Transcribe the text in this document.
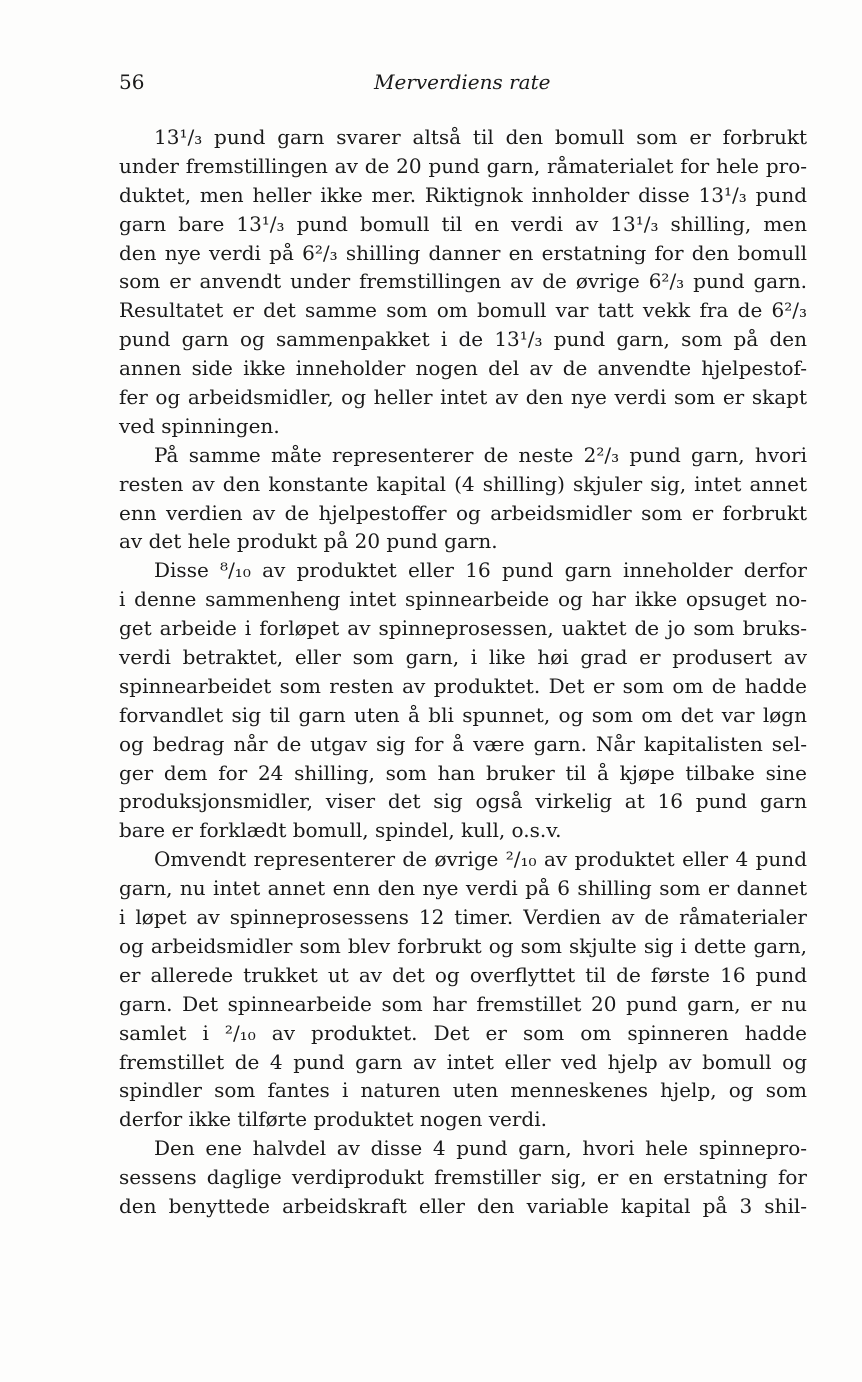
56	Merverdiens rate
13¹/₃ pund garn svarer altså til den bomull som er forbrukt
under fremstillingen av de 20 pund garn, råmaterialet for hele pro-
duktet, men heller ikke mer. Riktignok innholder disse 13¹/₃ pund
garn bare 13¹/₃ pund bomull til en verdi av 13¹/₃ shilling, men
den nye verdi på 6²/₃ shilling danner en erstatning for den bomull
som er anvendt under fremstillingen av de øvrige 6²/₃ pund garn.
Resultatet er det samme som om bomull var tatt vekk fra de 6²/₃
pund garn og sammenpakket i de 13¹/₃ pund garn, som på den
annen side ikke inneholder nogen del av de anvendte hjelpestof-
fer og arbeidsmidler, og heller intet av den nye verdi som er skapt
ved spinningen.
På samme måte representerer de neste 2²/₃ pund garn, hvori
resten av den konstante kapital (4 shilling) skjuler sig, intet annet
enn verdien av de hjelpestoffer og arbeidsmidler som er forbrukt
av det hele produkt på 20 pund garn.
Disse ⁸/₁₀ av produktet eller 16 pund garn inneholder derfor
i denne sammenheng intet spinnearbeide og har ikke opsuget no-
get arbeide i forløpet av spinneprosessen, uaktet de jo som bruks-
verdi betraktet, eller som garn, i like høi grad er produsert av
spinnearbeidet som resten av produktet. Det er som om de hadde
forvandlet sig til garn uten å bli spunnet, og som om det var løgn
og bedrag når de utgav sig for å være garn. Når kapitalisten sel-
ger dem for 24 shilling, som han bruker til å kjøpe tilbake sine
produksjonsmidler, viser det sig også virkelig at 16 pund garn
bare er forklædt bomull, spindel, kull, o.s.v.
Omvendt representerer de øvrige ²/₁₀ av produktet eller 4 pund
garn, nu intet annet enn den nye verdi på 6 shilling som er dannet
i løpet av spinneprosessens 12 timer. Verdien av de råmaterialer
og arbeidsmidler som blev forbrukt og som skjulte sig i dette garn,
er allerede trukket ut av det og overflyttet til de første 16 pund
garn. Det spinnearbeide som har fremstillet 20 pund garn, er nu
samlet i ²/₁₀ av produktet. Det er som om spinneren hadde
fremstillet de 4 pund garn av intet eller ved hjelp av bomull og
spindler som fantes i naturen uten menneskenes hjelp, og som
derfor ikke tilførte produktet nogen verdi.
Den ene halvdel av disse 4 pund garn, hvori hele spinnepro-
sessens daglige verdiprodukt fremstiller sig, er en erstatning for
den benyttede arbeidskraft eller den variable kapital på 3 shil-
